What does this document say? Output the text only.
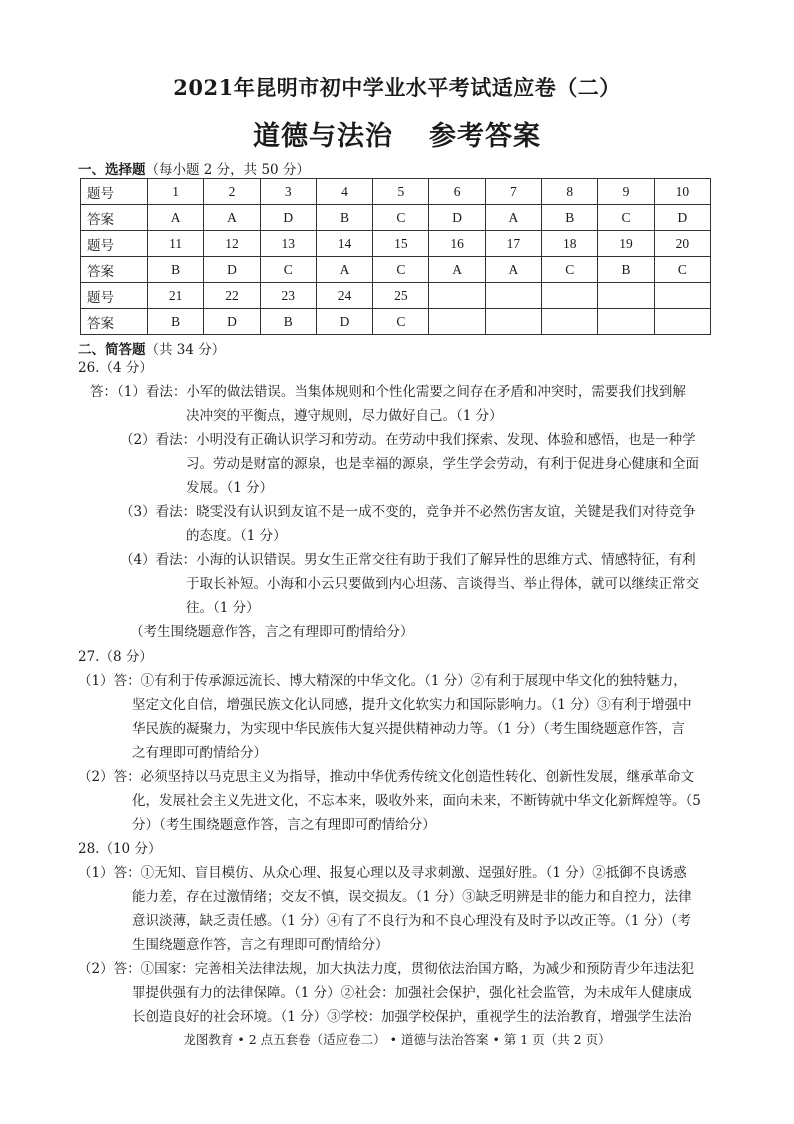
2021年昆明市初中学业水平考试适应卷（二）
道德与法治 参考答案
一、选择题（每小题 2 分，共 50 分）
题号	1	2	3	4	5	6	7	8	9	10
答案	A	A	D	B	C	D	A	B	C	D
题号	11	12	13	14	15	16	17	18	19	20
答案	B	D	C	A	C	A	A	C	B	C
题号	21	22	23	24	25					
答案	B	D	B	D	C					
二、简答题（共 34 分）
26.（4 分）
答：（1）看法：小军的做法错误。当集体规则和个性化需要之间存在矛盾和冲突时，需要我们找到解
决冲突的平衡点，遵守规则，尽力做好自己。（1 分）
（2）看法：小明没有正确认识学习和劳动。在劳动中我们探索、发现、体验和感悟，也是一种学
习。劳动是财富的源泉，也是幸福的源泉，学生学会劳动，有利于促进身心健康和全面
发展。（1 分）
（3）看法：晓雯没有认识到友谊不是一成不变的，竞争并不必然伤害友谊，关键是我们对待竞争
的态度。（1 分）
（4）看法：小海的认识错误。男女生正常交往有助于我们了解异性的思维方式、情感特征，有利
于取长补短。小海和小云只要做到内心坦荡、言谈得当、举止得体，就可以继续正常交
往。（1 分）
（考生围绕题意作答，言之有理即可酌情给分）
27.（8 分）
（1）答：①有利于传承源远流长、博大精深的中华文化。（1 分）②有利于展现中华文化的独特魅力，
坚定文化自信，增强民族文化认同感，提升文化软实力和国际影响力。（1 分）③有利于增强中
华民族的凝聚力，为实现中华民族伟大复兴提供精神动力等。（1 分）（考生围绕题意作答，言
之有理即可酌情给分）
（2）答：必须坚持以马克思主义为指导，推动中华优秀传统文化创造性转化、创新性发展，继承革命文
化，发展社会主义先进文化，不忘本来，吸收外来，面向未来，不断铸就中华文化新辉煌等。（5
分）（考生围绕题意作答，言之有理即可酌情给分）
28.（10 分）
（1）答：①无知、盲目模仿、从众心理、报复心理以及寻求刺激、逞强好胜。（1 分）②抵御不良诱惑
能力差，存在过激情绪；交友不慎，误交损友。（1 分）③缺乏明辨是非的能力和自控力，法律
意识淡薄，缺乏责任感。（1 分）④有了不良行为和不良心理没有及时予以改正等。（1 分）（考
生围绕题意作答，言之有理即可酌情给分）
（2）答：①国家：完善相关法律法规，加大执法力度，贯彻依法治国方略，为减少和预防青少年违法犯
罪提供强有力的法律保障。（1 分）②社会：加强社会保护，强化社会监管，为未成年人健康成
长创造良好的社会环境。（1 分）③学校：加强学校保护，重视学生的法治教育，增强学生法治
龙图教育 • 2 点五套卷（适应卷二） • 道德与法治答案 • 第 1 页（共 2 页）
